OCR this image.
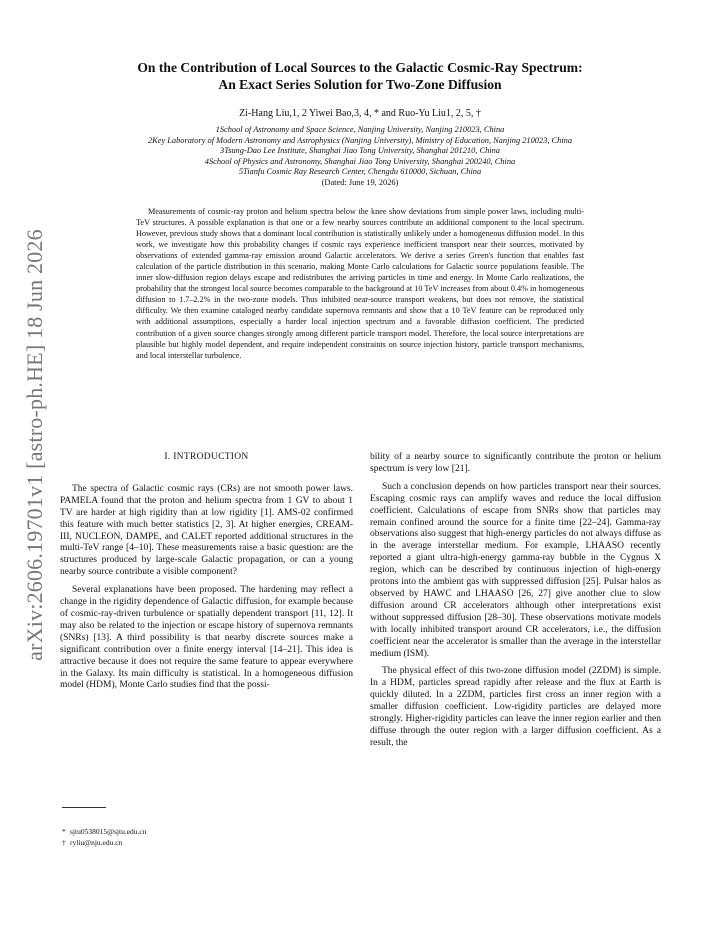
arXiv:2606.19701v1 [astro-ph.HE] 18 Jun 2026
On the Contribution of Local Sources to the Galactic Cosmic-Ray Spectrum:
An Exact Series Solution for Two-Zone Diffusion
Zi-Hang Liu,1, 2 Yiwei Bao,3, 4, * and Ruo-Yu Liu1, 2, 5, †
1School of Astronomy and Space Science, Nanjing University, Nanjing 210023, China
2Key Laboratory of Modern Astronomy and Astrophysics (Nanjing University), Ministry of Education, Nanjing 210023, China
3Tsung-Dao Lee Institute, Shanghai Jiao Tong University, Shanghai 201210, China
4School of Physics and Astronomy, Shanghai Jiao Tong University, Shanghai 200240, China
5Tianfu Cosmic Ray Research Center, Chengdu 610000, Sichuan, China
(Dated: June 19, 2026)

Measurements of cosmic-ray proton and helium spectra below the knee show deviations from simple power laws, including multi-TeV structures. A possible explanation is that one or a few nearby sources contribute an additional component to the local spectrum. However, previous study shows that a dominant local contribution is statistically unlikely under a homogeneous diffusion model. In this work, we investigate how this probability changes if cosmic rays experience inefficient transport near their sources, motivated by observations of extended gamma-ray emission around Galactic accelerators. We derive a series Green's function that enables fast calculation of the particle distribution in this scenario, making Monte Carlo calculations for Galactic source populations feasible. The inner slow-diffusion region delays escape and redistributes the arriving particles in time and energy. In Monte Carlo realizations, the probability that the strongest local source becomes comparable to the background at 10 TeV increases from about 0.4% in homogeneous diffusion to 1.7–2.2% in the two-zone models. Thus inhibited near-source transport weakens, but does not remove, the statistical difficulty. We then examine cataloged nearby candidate supernova remnants and show that a 10 TeV feature can be reproduced only with additional assumptions, especially a harder local injection spectrum and a favorable diffusion coefficient. The predicted contribution of a given source changes strongly among different particle transport model. Therefore, the local source interpretations are plausible but highly model dependent, and require independent constraints on source injection history, particle transport mechanisms, and local interstellar turbulence.

I. INTRODUCTION

The spectra of Galactic cosmic rays (CRs) are not smooth power laws. PAMELA found that the proton and helium spectra from 1 GV to about 1 TV are harder at high rigidity than at low rigidity [1]. AMS-02 confirmed this feature with much better statistics [2, 3]. At higher energies, CREAM-III, NUCLEON, DAMPE, and CALET reported additional structures in the multi-TeV range [4–10]. These measurements raise a basic question: are the structures produced by large-scale Galactic propagation, or can a young nearby source contribute a visible component?

Several explanations have been proposed. The hardening may reflect a change in the rigidity dependence of Galactic diffusion, for example because of cosmic-ray-driven turbulence or spatially dependent transport [11, 12]. It may also be related to the injection or escape history of supernova remnants (SNRs) [13]. A third possibility is that nearby discrete sources make a significant contribution over a finite energy interval [14–21]. This idea is attractive because it does not require the same feature to appear everywhere in the Galaxy. Its main difficulty is statistical. In a homogeneous diffusion model (HDM), Monte Carlo studies find that the possi-

bility of a nearby source to significantly contribute the proton or helium spectrum is very low [21].

Such a conclusion depends on how particles transport near their sources. Escaping cosmic rays can amplify waves and reduce the local diffusion coefficient. Calculations of escape from SNRs show that particles may remain confined around the source for a finite time [22–24]. Gamma-ray observations also suggest that high-energy particles do not always diffuse as in the average interstellar medium. For example, LHAASO recently reported a giant ultra-high-energy gamma-ray bubble in the Cygnus X region, which can be described by continuous injection of high-energy protons into the ambient gas with suppressed diffusion [25]. Pulsar halos as observed by HAWC and LHAASO [26, 27] give another clue to slow diffusion around CR accelerators although other interpretations exist without suppressed diffusion [28–30]. These observations motivate models with locally inhibited transport around CR accelerators, i.e., the diffusion coefficient near the accelerator is smaller than the average in the interstellar medium (ISM).

The physical effect of this two-zone diffusion model (2ZDM) is simple. In a HDM, particles spread rapidly after release and the flux at Earth is quickly diluted. In a 2ZDM, particles first cross an inner region with a smaller diffusion coefficient. Low-rigidity particles are delayed more strongly. Higher-rigidity particles can leave the inner region earlier and then diffuse through the outer region with a larger diffusion coefficient. As a result, the

* sjtu0538015@sjtu.edu.cn
† ryliu@nju.edu.cn
